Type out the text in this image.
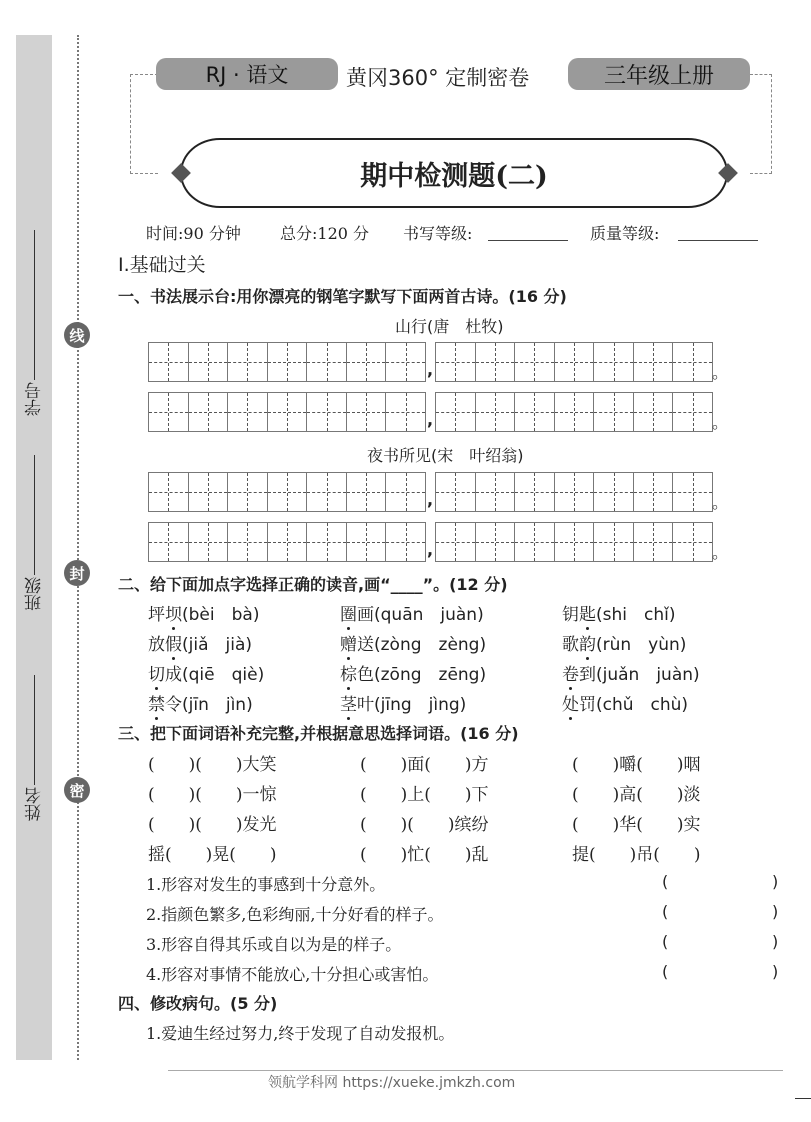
线
封
密
学号
班级
姓名
RJ · 语文	黄冈360° 定制密卷	三年级上册
期中检测题(二)
时间:90 分钟 总分:120 分 书写等级:	质量等级:
Ⅰ.基础过关
一、书法展示台:用你漂亮的钢笔字默写下面两首古诗。(16 分)
山行(唐　杜牧)
夜书所见(宋　叶绍翁)
,	。
,	。
,	。
,	。
二、给下面加点字选择正确的读音,画“____”。(12 分)
坪坝(bèi　bà)	圈画(quān　juàn)	钥匙(shi　chǐ)
放假(jiǎ　jià)	赠送(zòng　zèng)	歌韵(rùn　yùn)
切成(qiē　qiè)	棕色(zōng　zēng)	卷到(juǎn　juàn)
禁令(jīn　jìn)	茎叶(jīng　jìng)	处罚(chǔ　chù)
三、把下面词语补充完整,并根据意思选择词语。(16 分)
(　　)(　　)大笑	(　　)面(　　)方	(　　)嚼(　　)咽
(　　)(　　)一惊	(　　)上(　　)下	(　　)高(　　)淡
(　　)(　　)发光	(　　)(　　)缤纷	(　　)华(　　)实
摇(　　)晃(　　)	(　　)忙(　　)乱	提(　　)吊(　　)
1.形容对发生的事感到十分意外。	(	)
2.指颜色繁多,色彩绚丽,十分好看的样子。	(	)
3.形容自得其乐或自以为是的样子。	(	)
4.形容对事情不能放心,十分担心或害怕。	(	)
四、修改病句。(5 分)
1.爱迪生经过努力,终于发现了自动发报机。
领航学科网 https://xueke.jmkzh.com
